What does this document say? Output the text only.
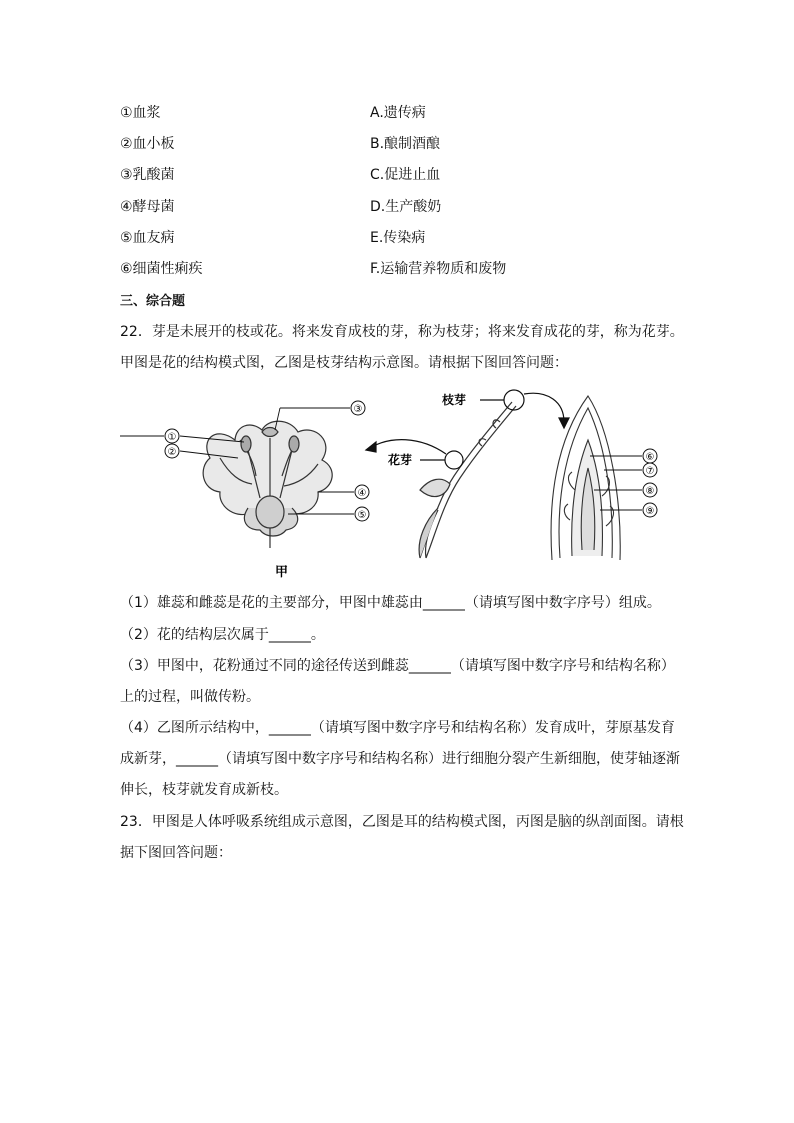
①血浆	A.遗传病
②血小板	B.酿制酒酿
③乳酸菌	C.促进止血
④酵母菌	D.生产酸奶
⑤血友病	E.传染病
⑥细菌性痢疾	F.运输营养物质和废物
三、综合题
22．芽是未展开的枝或花。将来发育成枝的芽，称为枝芽；将来发育成花的芽，称为花芽。
甲图是花的结构模式图，乙图是枝芽结构示意图。请根据下图回答问题：
①
②
③
④
⑤
甲
枝芽
花芽	⑥
⑦
⑧
⑨
（1）雄蕊和雌蕊是花的主要部分，甲图中雄蕊由______（请填写图中数字序号）组成。
（2）花的结构层次属于______。
（3）甲图中，花粉通过不同的途径传送到雌蕊______（请填写图中数字序号和结构名称）
上的过程，叫做传粉。
（4）乙图所示结构中，______（请填写图中数字序号和结构名称）发育成叶，芽原基发育
成新芽，______（请填写图中数字序号和结构名称）进行细胞分裂产生新细胞，使芽轴逐渐
伸长，枝芽就发育成新枝。
23．甲图是人体呼吸系统组成示意图，乙图是耳的结构模式图，丙图是脑的纵剖面图。请根
据下图回答问题：
